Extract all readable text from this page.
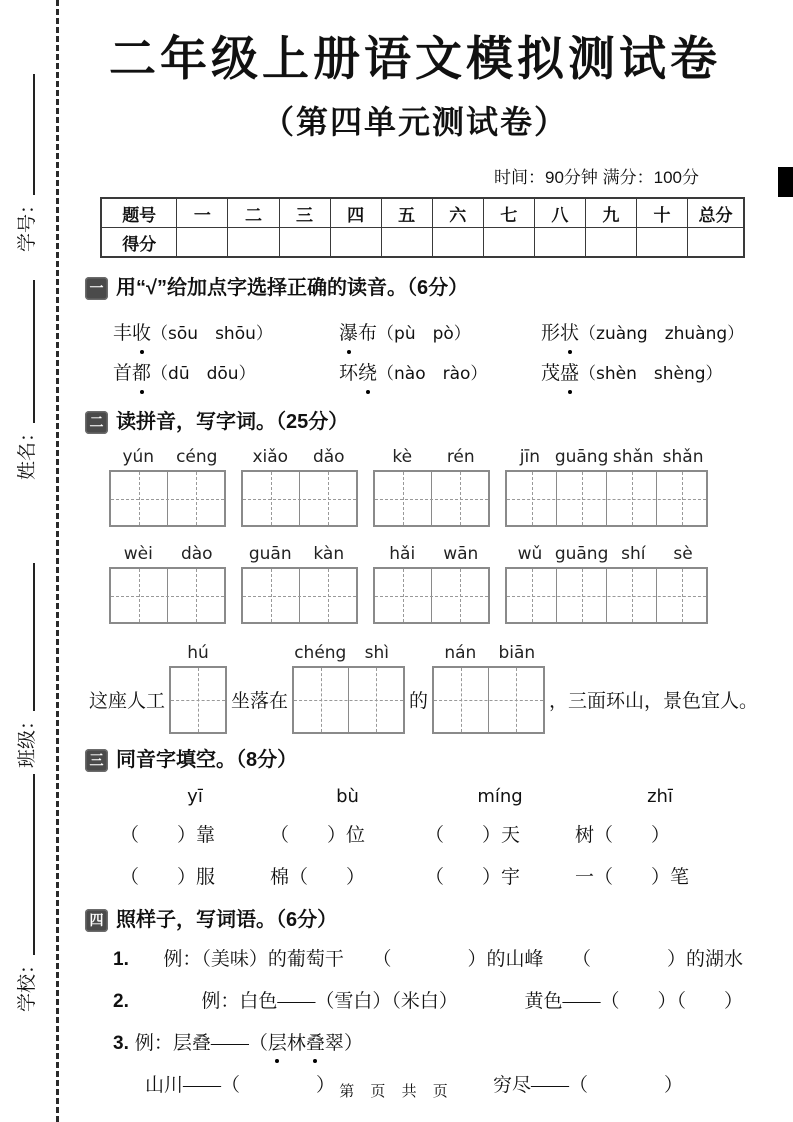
学号：
姓名：
班级：
学校：
二年级上册语文模拟测试卷
（第四单元测试卷）
时间：90分钟 满分：100分
题号	一	二	三	四	五	六	七	八	九	十	总分
得分											
一 用“√”给加点字选择正确的读音。（6分）
丰收（sōu　shōu）	瀑布（pù　pò）	形状（zuàng　zhuàng）
首都（dū　dōu）	环绕（nào　rào）	茂盛（shèn　shèng）
二 读拼音，写字词。（25分）
yún	céng	xiǎo	dǎo	kè	rén	jīn guāng shǎn shǎn
wèi	dào	guān	kàn	hǎi	wān	wǔ guāng shí	sè
这座人工
hú
坐落在
chéng	shì
的
nán	biān
，三面环山，景色宜人。
三 同音字填空。（8分）
yī	bù	míng	zhī
（　　）靠	（　　）位	（　　）天	树（　　）
（　　）服	棉（　　）	（　　）宇	一（　　）笔
四 照样子，写词语。（6分）
1. 例：（美味）的葡萄干 （　　　　）的山峰 （　　　　）的湖水
2.	例：白色——（雪白）（米白）	黄色——（　　）（　　）
3. 例：层叠——（ 层林叠翠 ）
山川——（　　　　）	穷尽——（　　　　）
第 页 共 页
